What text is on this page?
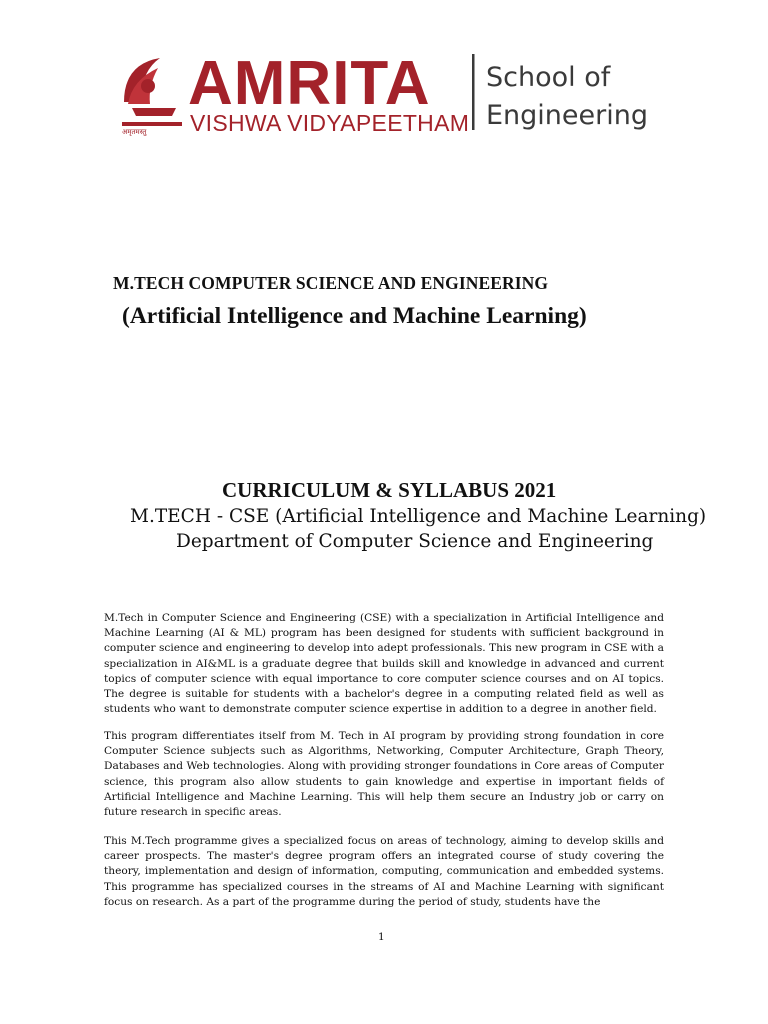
अमृतमस्तु
AMRITA
VISHWA VIDYAPEETHAM
School of
Engineering
M.TECH COMPUTER SCIENCE AND ENGINEERING
(Artificial Intelligence and Machine Learning)
CURRICULUM & SYLLABUS 2021
M.TECH - CSE (Artificial Intelligence and Machine Learning)
Department of Computer Science and Engineering

M.Tech in Computer Science and Engineering (CSE) with a specialization in Artificial Intelligence and Machine Learning (AI & ML) program has been designed for students with sufficient background in computer science and engineering to develop into adept professionals. This new program in CSE with a specialization in AI&ML is a graduate degree that builds skill and knowledge in advanced and current topics of computer science with equal importance to core computer science courses and on AI topics. The degree is suitable for students with a bachelor's degree in a computing related field as well as students who want to demonstrate computer science expertise in addition to a degree in another field.

This program differentiates itself from M. Tech in AI program by providing strong foundation in core Computer Science subjects such as Algorithms, Networking, Computer Architecture, Graph Theory, Databases and Web technologies. Along with providing stronger foundations in Core areas of Computer science, this program also allow students to gain knowledge and expertise in important fields of Artificial Intelligence and Machine Learning. This will help them secure an Industry job or carry on future research in specific areas.

This M.Tech programme gives a specialized focus on areas of technology, aiming to develop skills and career prospects. The master's degree program offers an integrated course of study covering the theory, implementation and design of information, computing, communication and embedded systems. This programme has specialized courses in the streams of AI and Machine Learning with significant focus on research. As a part of the programme during the period of study, students have the

1
